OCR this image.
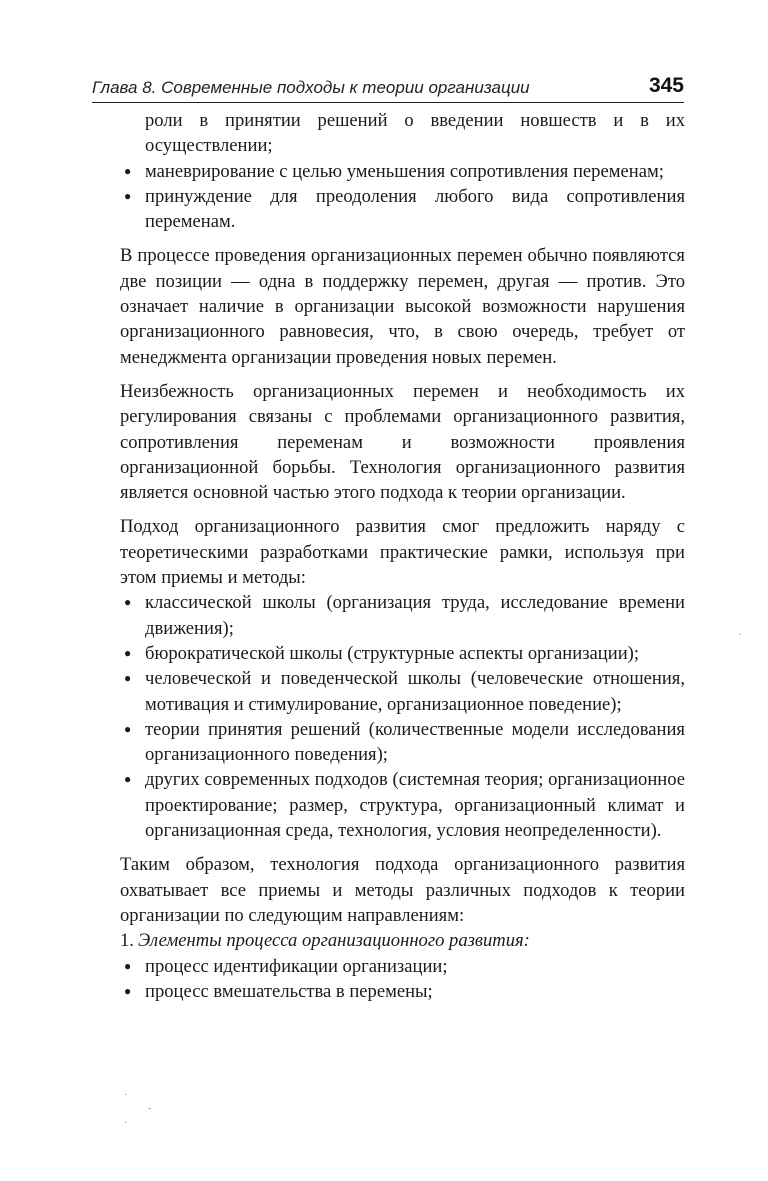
Глава 8. Современные подходы к теории организации	345

роли в принятии решений о введении новшеств и в их осуществлении;

● маневрирование с целью уменьшения сопротивления переменам;

● принуждение для преодоления любого вида сопротивления переменам.

В процессе проведения организационных перемен обычно появляются две позиции — одна в поддержку перемен, другая — против. Это означает наличие в организации высокой возможности нарушения организационного равновесия, что, в свою очередь, требует от менеджмента организации проведения новых перемен.

Неизбежность организационных перемен и необходимость их регулирования связаны с проблемами организационного развития, сопротивления переменам и возможности проявления организационной борьбы. Технология организационного развития является основной частью этого подхода к теории организации.

Подход организационного развития смог предложить наряду с теоретическими разработками практические рамки, используя при этом приемы и методы:

● классической школы (организация труда, исследование времени движения);

● бюрократической школы (структурные аспекты организации);

● человеческой и поведенческой школы (человеческие отношения, мотивация и стимулирование, организационное поведение);

● теории принятия решений (количественные модели исследования организационного поведения);

● других современных подходов (системная теория; организационное проектирование; размер, структура, организационный климат и организационная среда, технология, условия неопределенности).

Таким образом, технология подхода организационного развития охватывает все приемы и методы различных подходов к теории организации по следующим направлениям:

1. Элементы процесса организационного развития:

● процесс идентификации организации;

● процесс вмешательства в перемены;

·
-
·
·
